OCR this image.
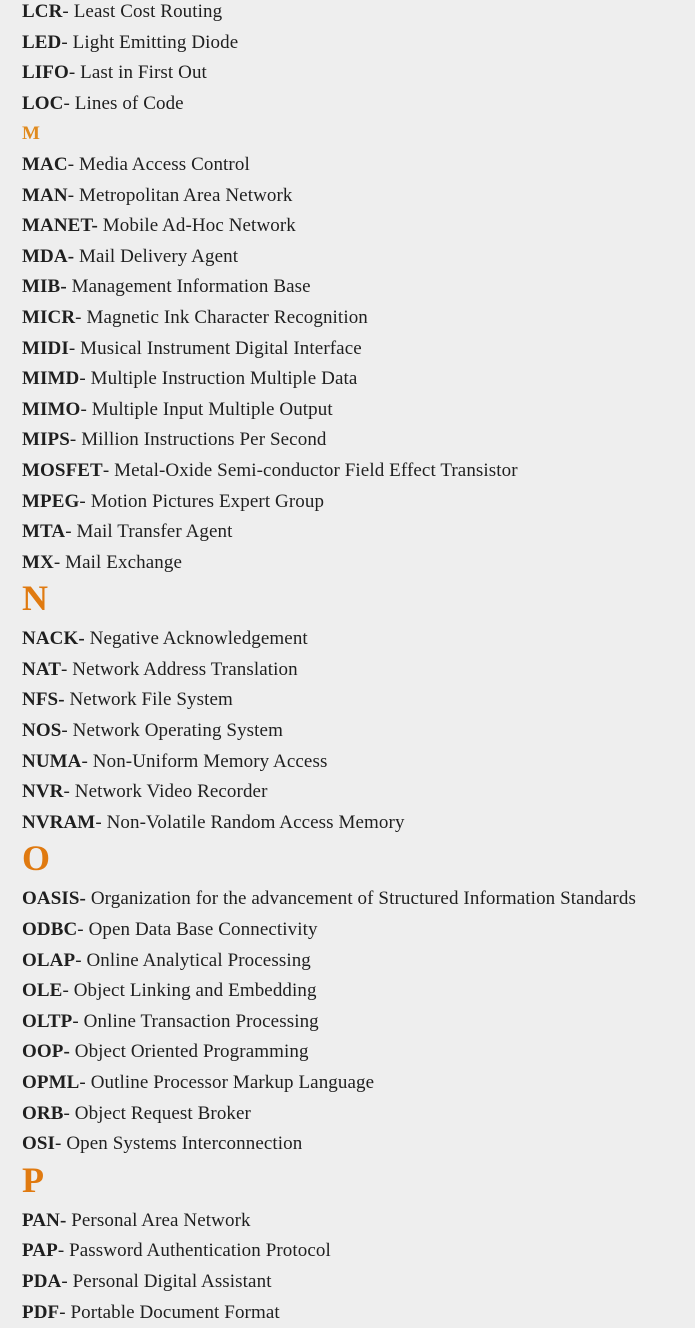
LCR- Least Cost Routing
LED- Light Emitting Diode
LIFO- Last in First Out
LOC- Lines of Code
M
MAC- Media Access Control
MAN- Metropolitan Area Network
MANET- Mobile Ad-Hoc Network
MDA- Mail Delivery Agent
MIB- Management Information Base
MICR- Magnetic Ink Character Recognition
MIDI- Musical Instrument Digital Interface
MIMD- Multiple Instruction Multiple Data
MIMO- Multiple Input Multiple Output
MIPS- Million Instructions Per Second
MOSFET- Metal-Oxide Semi-conductor Field Effect Transistor
MPEG- Motion Pictures Expert Group
MTA- Mail Transfer Agent
MX- Mail Exchange
N
NACK- Negative Acknowledgement
NAT- Network Address Translation
NFS- Network File System
NOS- Network Operating System
NUMA- Non-Uniform Memory Access
NVR- Network Video Recorder
NVRAM- Non-Volatile Random Access Memory
O
OASIS- Organization for the advancement of Structured Information Standards
ODBC- Open Data Base Connectivity
OLAP- Online Analytical Processing
OLE- Object Linking and Embedding
OLTP- Online Transaction Processing
OOP- Object Oriented Programming
OPML- Outline Processor Markup Language
ORB- Object Request Broker
OSI- Open Systems Interconnection
P
PAN- Personal Area Network
PAP- Password Authentication Protocol
PDA- Personal Digital Assistant
PDF- Portable Document Format
